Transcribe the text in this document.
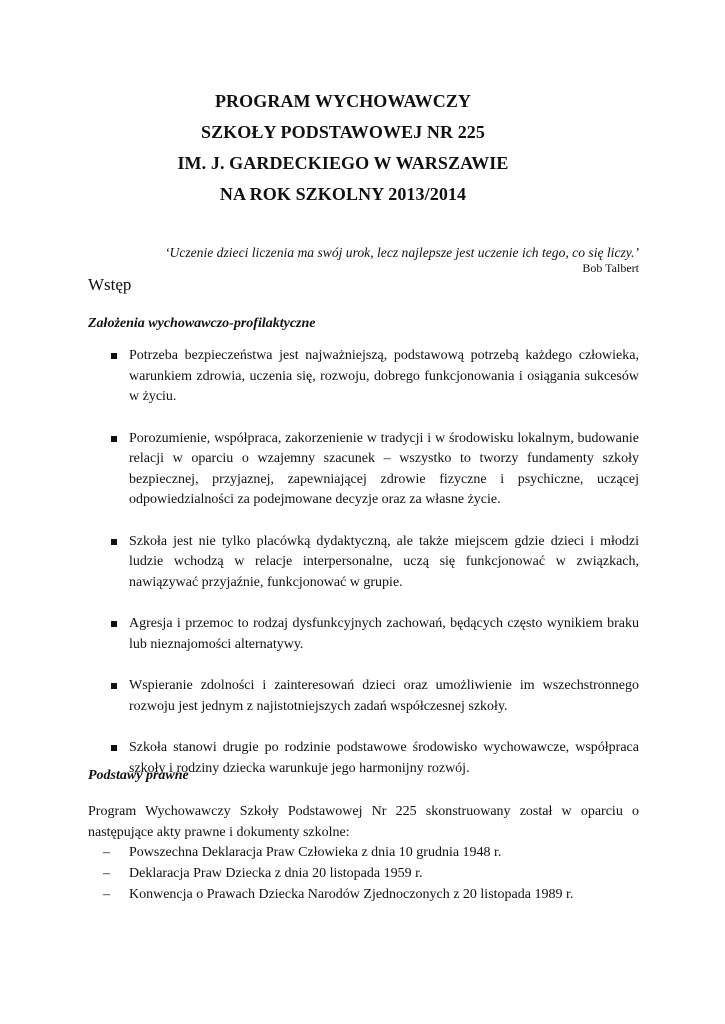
PROGRAM WYCHOWAWCZY
SZKOŁY PODSTAWOWEJ NR 225
IM. J. GARDECKIEGO W WARSZAWIE
NA ROK SZKOLNY 2013/2014
‘Uczenie dzieci liczenia ma swój urok, lecz najlepsze jest uczenie ich tego, co się liczy.’
Bob Talbert
Wstęp
Założenia wychowawczo-profilaktyczne
Potrzeba bezpieczeństwa jest najważniejszą, podstawową potrzebą każdego człowieka, warunkiem zdrowia, uczenia się, rozwoju, dobrego funkcjonowania i osiągania sukcesów w życiu.
Porozumienie, współpraca, zakorzenienie w tradycji i w środowisku lokalnym, budowanie relacji w oparciu o wzajemny szacunek – wszystko to tworzy fundamenty szkoły bezpiecznej, przyjaznej, zapewniającej zdrowie fizyczne i psychiczne, uczącej odpowiedzialności za podejmowane decyzje oraz za własne życie.
Szkoła jest nie tylko placówką dydaktyczną, ale także miejscem gdzie dzieci i młodzi ludzie wchodzą w relacje interpersonalne, uczą się funkcjonować w związkach, nawiązywać przyjaźnie, funkcjonować w grupie.
Agresja i przemoc to rodzaj dysfunkcyjnych zachowań, będących często wynikiem braku lub nieznajomości alternatywy.
Wspieranie zdolności i zainteresowań dzieci oraz umożliwienie im wszechstronnego rozwoju jest jednym z najistotniejszych zadań współczesnej szkoły.
Szkoła stanowi drugie po rodzinie podstawowe środowisko wychowawcze, współpraca szkoły i rodziny dziecka warunkuje jego harmonijny rozwój.
Podstawy prawne
Program Wychowawczy Szkoły Podstawowej Nr 225 skonstruowany został w oparciu o następujące akty prawne i dokumenty szkolne:
– Powszechna Deklaracja Praw Człowieka z dnia 10 grudnia 1948 r.
– Deklaracja Praw Dziecka z dnia 20 listopada 1959 r.
– Konwencja o Prawach Dziecka Narodów Zjednoczonych z 20 listopada 1989 r.
